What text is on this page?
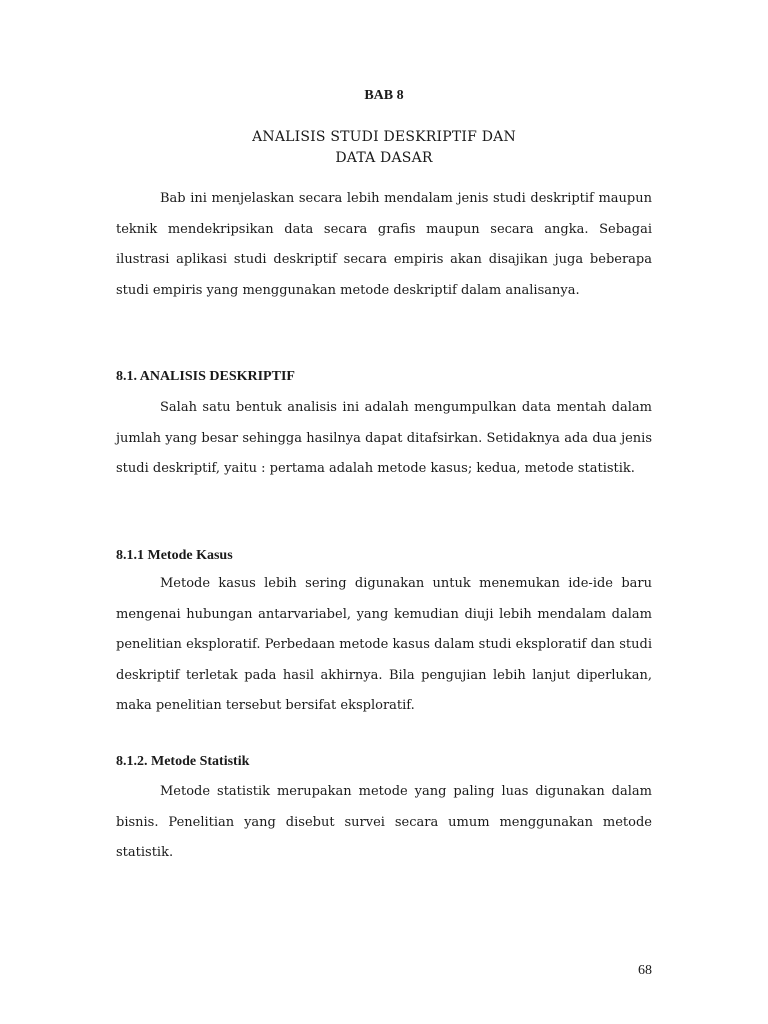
BAB 8
ANALISIS STUDI DESKRIPTIF DAN
DATA DASAR

Bab ini menjelaskan secara lebih mendalam jenis studi deskriptif maupun teknik mendekripsikan data secara grafis maupun secara angka. Sebagai ilustrasi aplikasi studi deskriptif secara empiris akan disajikan juga beberapa studi empiris yang menggunakan metode deskriptif dalam analisanya.

8.1. ANALISIS DESKRIPTIF

Salah satu bentuk analisis ini adalah mengumpulkan data mentah dalam jumlah yang besar sehingga hasilnya dapat ditafsirkan. Setidaknya ada dua jenis studi deskriptif, yaitu : pertama adalah metode kasus; kedua, metode statistik.

8.1.1 Metode Kasus

Metode kasus lebih sering digunakan untuk menemukan ide-ide baru mengenai hubungan antarvariabel, yang kemudian diuji lebih mendalam dalam penelitian eksploratif. Perbedaan metode kasus dalam studi eksploratif dan studi deskriptif terletak pada hasil akhirnya. Bila pengujian lebih lanjut diperlukan, maka penelitian tersebut bersifat eksploratif.

8.1.2. Metode Statistik

Metode statistik merupakan metode yang paling luas digunakan dalam bisnis. Penelitian yang disebut survei secara umum menggunakan metode statistik.

68
